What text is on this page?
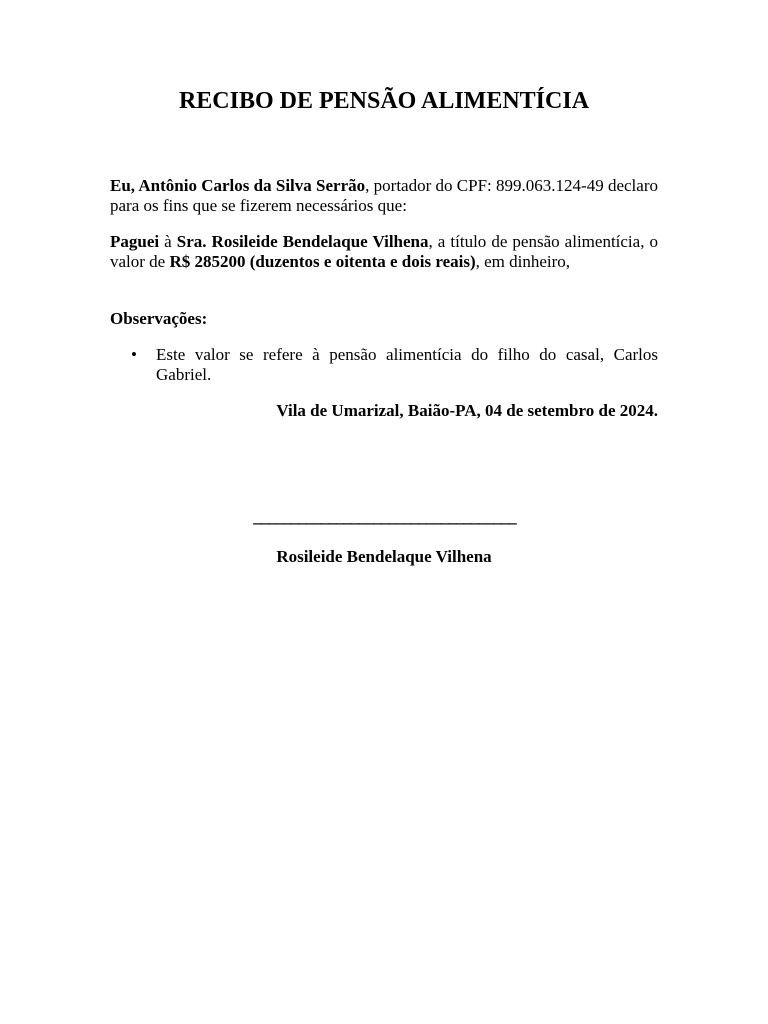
RECIBO DE PENSÃO ALIMENTÍCIA

Eu, Antônio Carlos da Silva Serrão, portador do CPF: 899.063.124-49 declaro para os fins que se fizerem necessários que:

Paguei à Sra. Rosileide Bendelaque Vilhena, a título de pensão alimentícia, o valor de R$ 285200 (duzentos e oitenta e dois reais), em dinheiro,

Observações:

• Este valor se refere à pensão alimentícia do filho do casal, Carlos Gabriel.

Vila de Umarizal, Baião-PA, 04 de setembro de 2024.

___________________________________

Rosileide Bendelaque Vilhena
